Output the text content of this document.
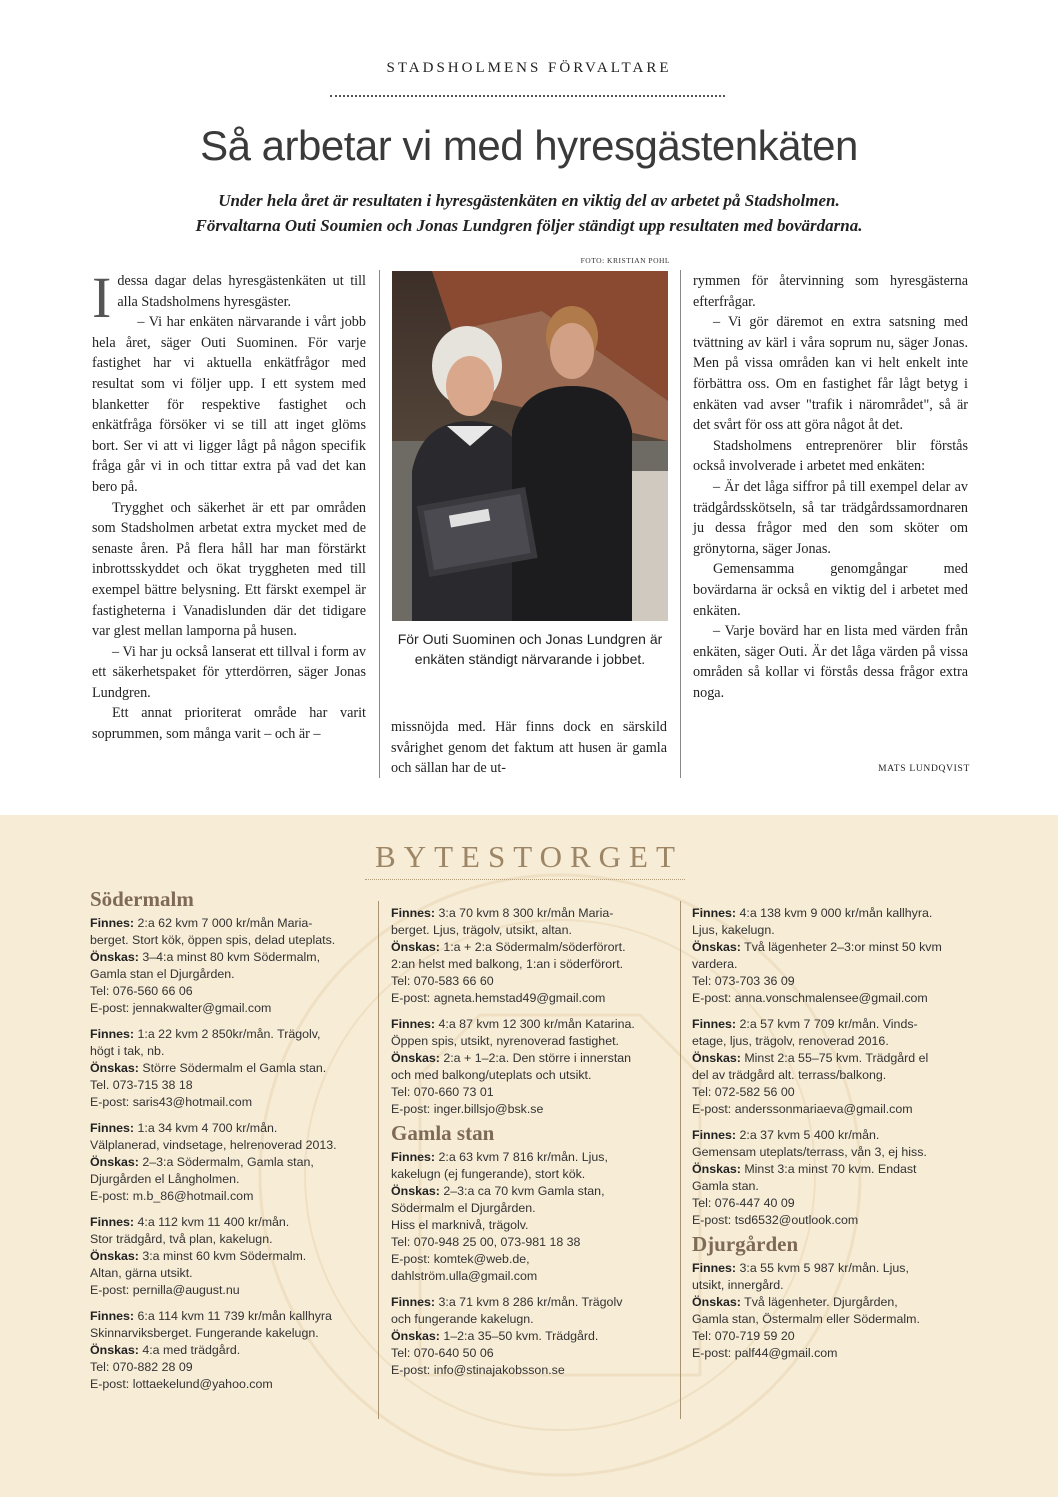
STADSHOLMENS FÖRVALTARE
Så arbetar vi med hyresgästenkäten
Under hela året är resultaten i hyresgästenkäten en viktig del av arbetet på Stadsholmen.
Förvaltarna Outi Soumien och Jonas Lundgren följer ständigt upp resultaten med bovärdarna.

Idessa dagar delas hyresgästenkäten ut till alla Stadsholmens hyresgäster.

– Vi har enkäten närvarande i vårt jobb hela året, säger Outi Suominen. För varje fastighet har vi aktuella enkätfrågor med resultat som vi följer upp. I ett system med blanketter för respektive fastighet och enkätfråga försöker vi se till att inget glöms bort. Ser vi att vi ligger lågt på någon specifik fråga går vi in och tittar extra på vad det kan bero på.

Trygghet och säkerhet är ett par områden som Stadsholmen arbetat extra mycket med de senaste åren. På flera håll har man förstärkt inbrottsskyddet och ökat tryggheten med till exempel bättre belysning. Ett färskt exempel är fastigheterna i Vanadislunden där det tidigare var glest mellan lamporna på husen.

– Vi har ju också lanserat ett tillval i form av ett säkerhetspaket för ytterdörren, säger Jonas Lundgren.

Ett annat prioriterat område har varit soprummen, som många varit – och är –

FOTO: KRISTIAN POHL
För Outi Suominen och Jonas Lundgren är enkäten ständigt närvarande i jobbet.

missnöjda med. Här finns dock en särskild svårighet genom det faktum att husen är gamla och sällan har de ut-

rymmen för återvinning som hyresgästerna efterfrågar.

– Vi gör däremot en extra satsning med tvättning av kärl i våra soprum nu, säger Jonas. Men på vissa områden kan vi helt enkelt inte förbättra oss. Om en fastighet får lågt betyg i enkäten vad avser "trafik i närområdet", så är det svårt för oss att göra något åt det.

Stadsholmens entreprenörer blir förstås också involverade i arbetet med enkäten:

– Är det låga siffror på till exempel delar av trädgårdsskötseln, så tar trädgårdssamordnaren ju dessa frågor med den som sköter om grönytorna, säger Jonas.

Gemensamma genomgångar med bovärdarna är också en viktig del i arbetet med enkäten.

– Varje bovärd har en lista med värden från enkäten, säger Outi. Är det låga värden på vissa områden så kollar vi förstås dessa frågor extra noga.

MATS LUNDQVIST
BYTESTORGET
Södermalm
Finnes: 2:a 62 kvm 7 000 kr/mån Maria-
berget. Stort kök, öppen spis, delad uteplats.
Önskas: 3–4:a minst 80 kvm Södermalm,
Gamla stan el Djurgården.
Tel: 076-560 66 06
E-post: jennakwalter@gmail.com
Finnes: 1:a 22 kvm 2 850kr/mån. Trägolv,
högt i tak, nb.
Önskas: Större Södermalm el Gamla stan.
Tel. 073-715 38 18
E-post: saris43@hotmail.com
Finnes: 1:a 34 kvm 4 700 kr/mån.
Välplanerad, vindsetage, helrenoverad 2013.
Önskas: 2–3:a Södermalm, Gamla stan,
Djurgården el Långholmen.
E-post: m.b_86@hotmail.com
Finnes: 4:a 112 kvm 11 400 kr/mån.
Stor trädgård, två plan, kakelugn.
Önskas: 3:a minst 60 kvm Södermalm.
Altan, gärna utsikt.
E-post: pernilla@august.nu
Finnes: 6:a 114 kvm 11 739 kr/mån kallhyra
Skinnarviksberget. Fungerande kakelugn.
Önskas: 4:a med trädgård.
Tel: 070-882 28 09
E-post: lottaekelund@yahoo.com
Finnes: 3:a 70 kvm 8 300 kr/mån Maria-
berget. Ljus, trägolv, utsikt, altan.
Önskas: 1:a + 2:a Södermalm/söderförort.
2:an helst med balkong, 1:an i söderförort.
Tel: 070-583 66 60
E-post: agneta.hemstad49@gmail.com
Finnes: 4:a 87 kvm 12 300 kr/mån Katarina.
Öppen spis, utsikt, nyrenoverad fastighet.
Önskas: 2:a + 1–2:a. Den större i innerstan
och med balkong/uteplats och utsikt.
Tel: 070-660 73 01
E-post: inger.billsjo@bsk.se
Gamla stan
Finnes: 2:a 63 kvm 7 816 kr/mån. Ljus,
kakelugn (ej fungerande), stort kök.
Önskas: 2–3:a ca 70 kvm Gamla stan,
Södermalm el Djurgården.
Hiss el marknivå, trägolv.
Tel: 070-948 25 00, 073-981 18 38
E-post: komtek@web.de,
dahlström.ulla@gmail.com
Finnes: 3:a 71 kvm 8 286 kr/mån. Trägolv
och fungerande kakelugn.
Önskas: 1–2:a 35–50 kvm. Trädgård.
Tel: 070-640 50 06
E-post: info@stinajakobsson.se
Finnes: 4:a 138 kvm 9 000 kr/mån kallhyra.
Ljus, kakelugn.
Önskas: Två lägenheter 2–3:or minst 50 kvm
vardera.
Tel: 073-703 36 09
E-post: anna.vonschmalensee@gmail.com
Finnes: 2:a 57 kvm 7 709 kr/mån. Vinds-
etage, ljus, trägolv, renoverad 2016.
Önskas: Minst 2:a 55–75 kvm. Trädgård el
del av trädgård alt. terrass/balkong.
Tel: 072-582 56 00
E-post: anderssonmariaeva@gmail.com
Finnes: 2:a 37 kvm 5 400 kr/mån.
Gemensam uteplats/terrass, vån 3, ej hiss.
Önskas: Minst 3:a minst 70 kvm. Endast
Gamla stan.
Tel: 076-447 40 09
E-post: tsd6532@outlook.com
Djurgården
Finnes: 3:a 55 kvm 5 987 kr/mån. Ljus,
utsikt, innergård.
Önskas: Två lägenheter. Djurgården,
Gamla stan, Östermalm eller Södermalm.
Tel: 070-719 59 20
E-post: palf44@gmail.com
